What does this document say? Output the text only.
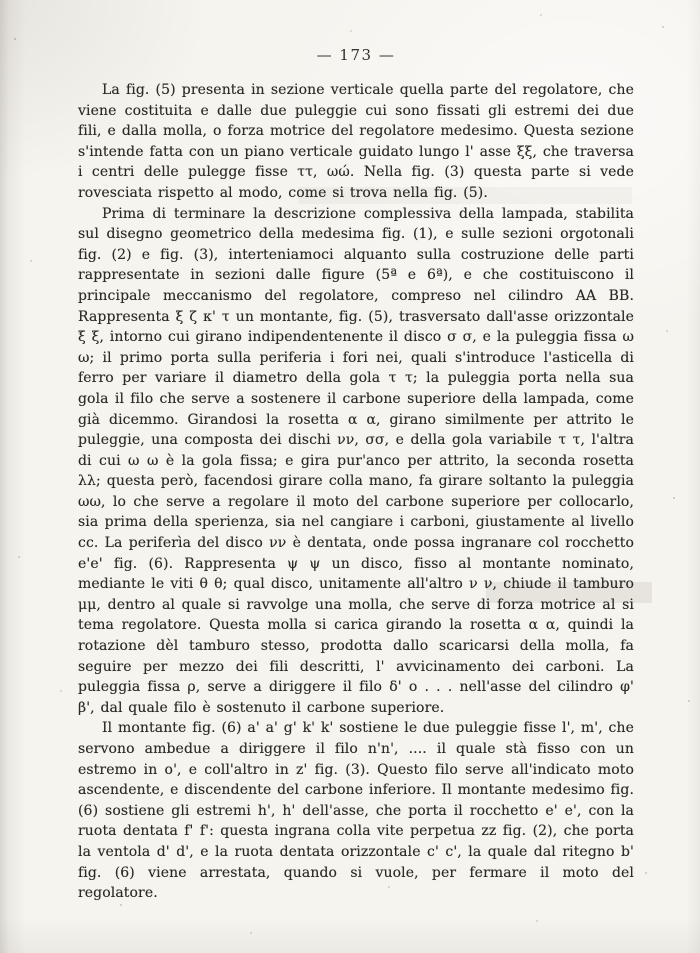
— 173 —

La fig. (5) presenta in sezione verticale quella parte del regolatore, che viene costituita e dalle due puleggie cui sono fissati gli estremi dei due fili, e dalla molla, o forza motrice del regolatore medesimo. Questa sezione s'intende fatta con un piano verticale guidato lungo l' asse ξξ, che traversa i centri delle pulegge fisse ττ, ωώ. Nella fig. (3) questa parte si vede rovesciata rispetto al modo, come si trova nella fig. (5).

Prima di terminare la descrizione complessiva della lampada, stabilita sul disegno geometrico della medesima fig. (1), e sulle sezioni orgotonali fig. (2) e fig. (3), interteniamoci alquanto sulla costruzione delle parti rappresentate in sezioni dalle figure (5ª e 6ª), e che costituiscono il principale meccanismo del regolatore, compreso nel cilindro AA BB. Rappresenta ξ ζ κ' τ un montante, fig. (5), trasversato dall'asse orizzontale ξ ξ, intorno cui girano indipendentenente il disco σ σ, e la puleggia fissa ω ω; il primo porta sulla periferia i fori nei, quali s'introduce l'asticella di ferro per variare il diametro della gola τ τ; la puleggia porta nella sua gola il filo che serve a sostenere il carbone superiore della lampada, come già dicemmo. Girandosi la rosetta α α, girano similmente per attrito le puleggie, una composta dei dischi νν, σσ, e della gola variabile τ τ, l'altra di cui ω ω è la gola fissa; e gira pur'anco per attrito, la seconda rosetta λλ; questa però, facendosi girare colla mano, fa girare soltanto la puleggia ωω, lo che serve a regolare il moto del carbone superiore per collocarlo, sia prima della sperienza, sia nel cangiare i carboni, giustamente al livello cc. La periferìa del disco νν è dentata, onde possa ingranare col rocchetto e'e' fig. (6). Rappresenta ψ ψ un disco, fisso al montante nominato, mediante le viti θ θ; qual disco, unitamente all'altro ν ν, chiude il tamburo μμ, dentro al quale si ravvolge una molla, che serve di forza motrice al si tema regolatore. Questa molla si carica girando la rosetta α α, quindi la rotazione dèl tamburo stesso, prodotta dallo scaricarsi della molla, fa seguire per mezzo dei fili descritti, l' avvicinamento dei carboni. La puleggia fissa ρ, serve a diriggere il filo δ' ο . . . nell'asse del cilindro φ' β', dal quale filo è sostenuto il carbone superiore.

Il montante fig. (6) a' a' g' k' k' sostiene le due puleggie fisse l', m', che servono ambedue a diriggere il filo n'n', .... il quale stà fisso con un estremo in o', e coll'altro in z' fig. (3). Questo filo serve all'indicato moto ascendente, e discendente del carbone inferiore. Il montante medesimo fig. (6) sostiene gli estremi h', h' dell'asse, che porta il rocchetto e' e', con la ruota dentata f' f': questa ingrana colla vite perpetua zz fig. (2), che porta la ventola d' d', e la ruota dentata orizzontale c' c', la quale dal ritegno b' fig. (6) viene arrestata, quando si vuole, per fermare il moto del regolatore.
